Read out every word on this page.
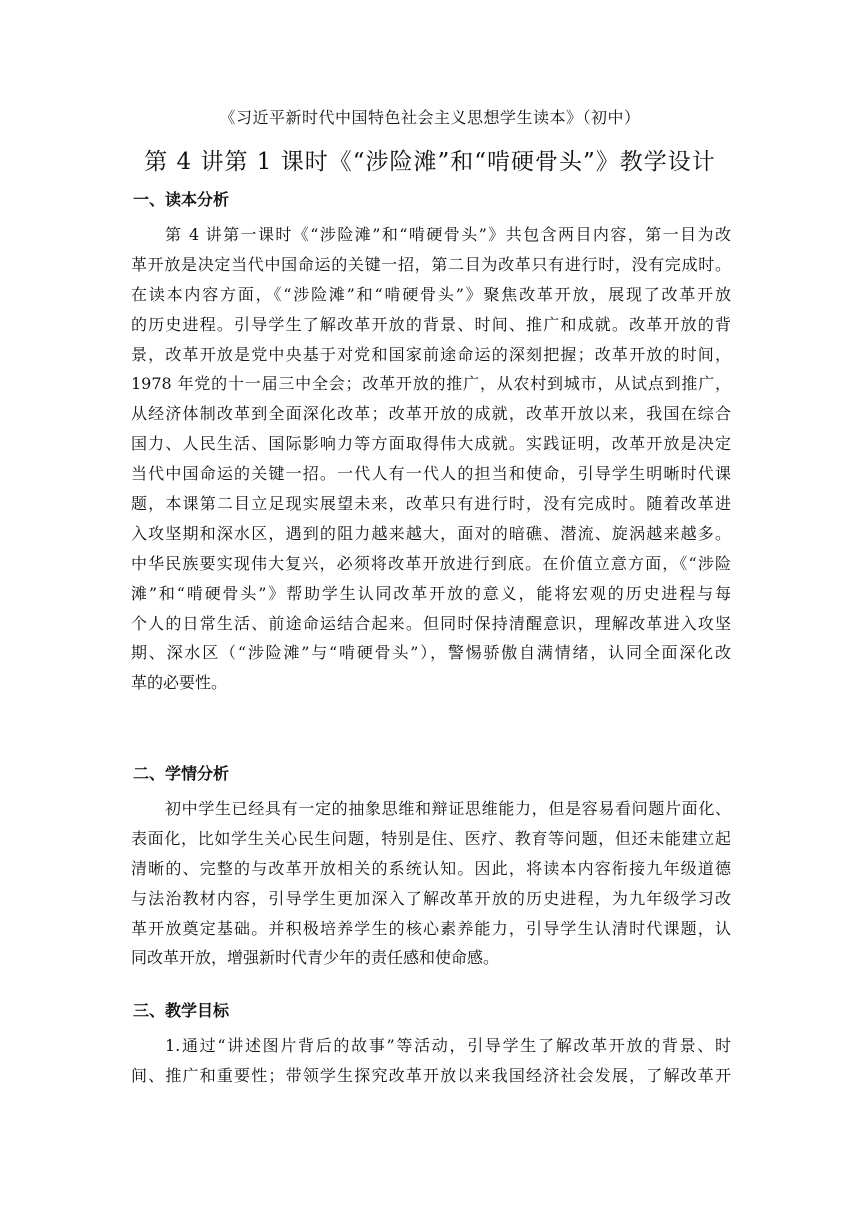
《习近平新时代中国特色社会主义思想学生读本》（初中）
第 4 讲第 1 课时《“涉险滩”和“啃硬骨头”》教学设计
一、读本分析
第 4 讲第一课时《“涉险滩”和“啃硬骨头”》共包含两目内容，第一目为改
革开放是决定当代中国命运的关键一招，第二目为改革只有进行时，没有完成时。
在读本内容方面，《“涉险滩”和“啃硬骨头”》聚焦改革开放，展现了改革开放
的历史进程。引导学生了解改革开放的背景、时间、推广和成就。改革开放的背
景，改革开放是党中央基于对党和国家前途命运的深刻把握；改革开放的时间，
1978 年党的十一届三中全会；改革开放的推广，从农村到城市，从试点到推广，
从经济体制改革到全面深化改革；改革开放的成就，改革开放以来，我国在综合
国力、人民生活、国际影响力等方面取得伟大成就。实践证明，改革开放是决定
当代中国命运的关键一招。一代人有一代人的担当和使命，引导学生明晰时代课
题，本课第二目立足现实展望未来，改革只有进行时，没有完成时。随着改革进
入攻坚期和深水区，遇到的阻力越来越大，面对的暗礁、潜流、旋涡越来越多。
中华民族要实现伟大复兴，必须将改革开放进行到底。在价值立意方面，《“涉险
滩”和“啃硬骨头”》帮助学生认同改革开放的意义，能将宏观的历史进程与每
个人的日常生活、前途命运结合起来。但同时保持清醒意识，理解改革进入攻坚
期、深水区（“涉险滩”与“啃硬骨头”），警惕骄傲自满情绪，认同全面深化改
革的必要性。
二、学情分析
初中学生已经具有一定的抽象思维和辩证思维能力，但是容易看问题片面化、
表面化，比如学生关心民生问题，特别是住、医疗、教育等问题，但还未能建立起
清晰的、完整的与改革开放相关的系统认知。因此，将读本内容衔接九年级道德
与法治教材内容，引导学生更加深入了解改革开放的历史进程，为九年级学习改
革开放奠定基础。并积极培养学生的核心素养能力，引导学生认清时代课题，认
同改革开放，增强新时代青少年的责任感和使命感。
三、教学目标
1.通过“讲述图片背后的故事”等活动，引导学生了解改革开放的背景、时
间、推广和重要性；带领学生探究改革开放以来我国经济社会发展，了解改革开
